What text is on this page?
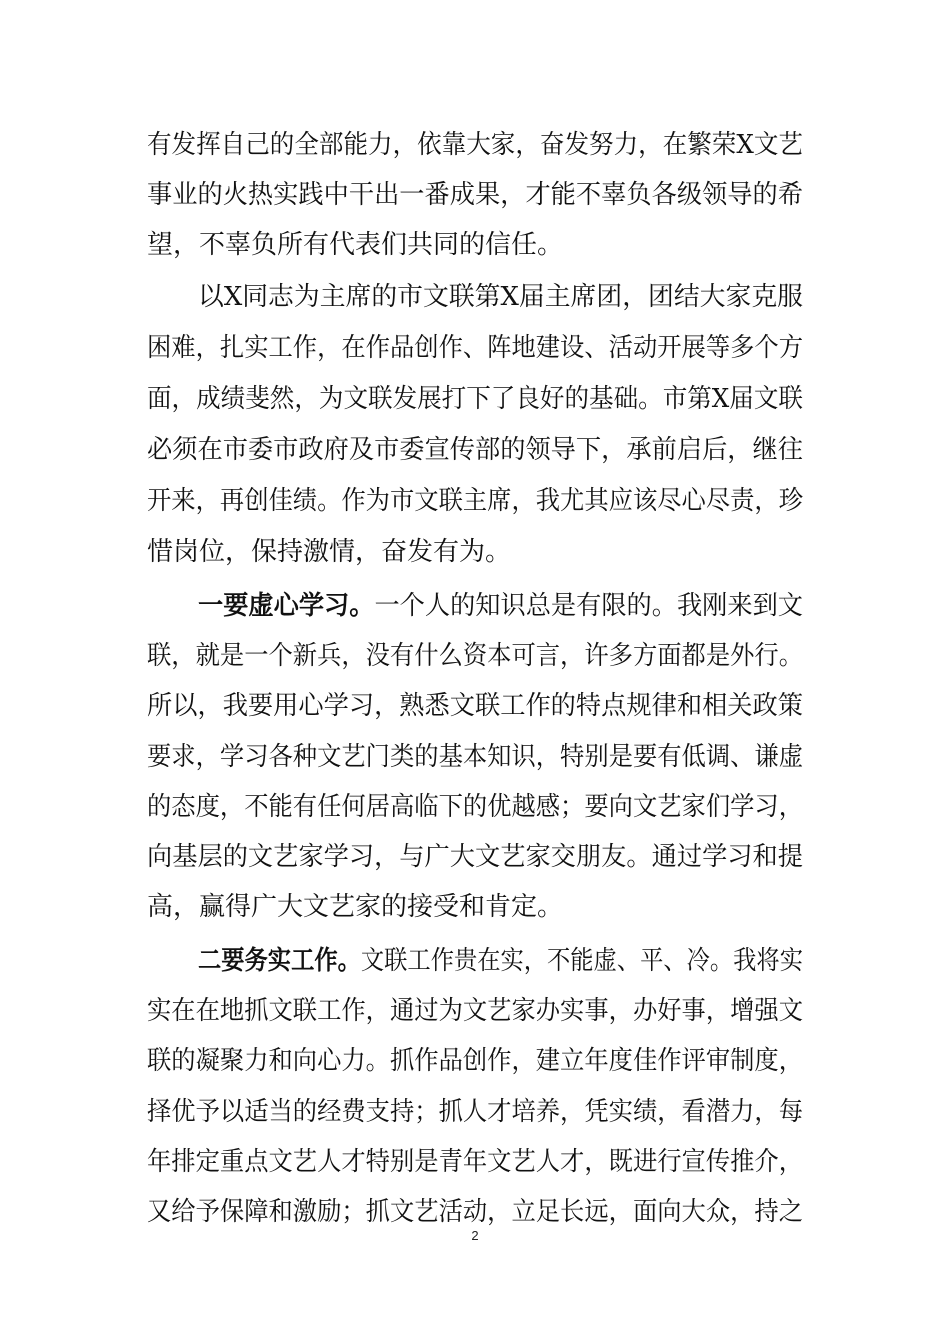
有发挥自己的全部能力，依靠大家，奋发努力，在繁荣X文艺
事业的火热实践中干出一番成果，才能不辜负各级领导的希
望，不辜负所有代表们共同的信任。
以X同志为主席的市文联第X届主席团，团结大家克服
困难，扎实工作，在作品创作、阵地建设、活动开展等多个方
面，成绩斐然，为文联发展打下了良好的基础。市第X届文联
必须在市委市政府及市委宣传部的领导下，承前启后，继往
开来，再创佳绩。作为市文联主席，我尤其应该尽心尽责，珍
惜岗位，保持激情，奋发有为。
一要虚心学习。一个人的知识总是有限的。我刚来到文
联，就是一个新兵，没有什么资本可言，许多方面都是外行。
所以，我要用心学习，熟悉文联工作的特点规律和相关政策
要求，学习各种文艺门类的基本知识，特别是要有低调、谦虚
的态度，不能有任何居高临下的优越感；要向文艺家们学习，
向基层的文艺家学习，与广大文艺家交朋友。通过学习和提
高，赢得广大文艺家的接受和肯定。
二要务实工作。文联工作贵在实，不能虚、平、冷。我将实
实在在地抓文联工作，通过为文艺家办实事，办好事，增强文
联的凝聚力和向心力。抓作品创作，建立年度佳作评审制度，
择优予以适当的经费支持；抓人才培养，凭实绩，看潜力，每
年排定重点文艺人才特别是青年文艺人才，既进行宣传推介，
又给予保障和激励；抓文艺活动，立足长远，面向大众，持之
2
